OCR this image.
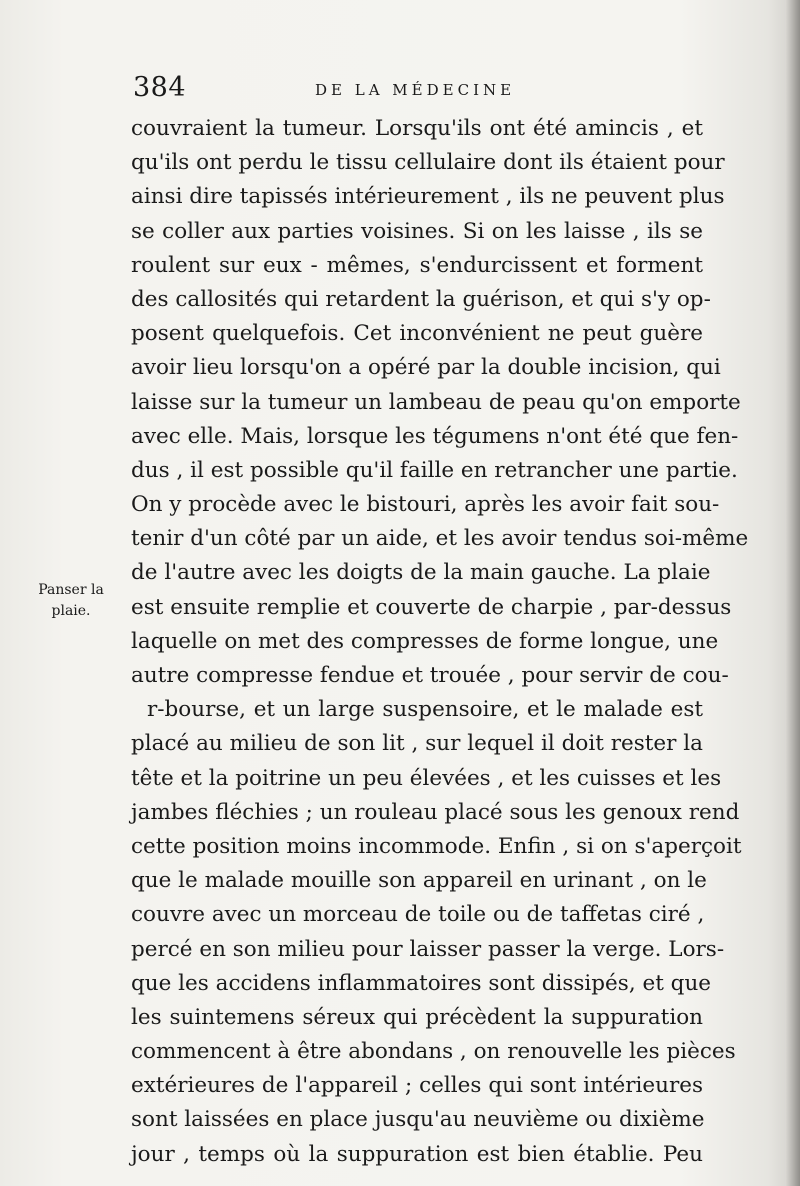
384	DE LA MÉDECINE
Panser la
plaie.
couvraient la tumeur. Lorsqu'ils ont été amincis , et
qu'ils ont perdu le tissu cellulaire dont ils étaient pour
ainsi dire tapissés intérieurement , ils ne peuvent plus
se coller aux parties voisines. Si on les laisse , ils se
roulent sur eux - mêmes, s'endurcissent et forment
des callosités qui retardent la guérison, et qui s'y op-
posent quelquefois. Cet inconvénient ne peut guère
avoir lieu lorsqu'on a opéré par la double incision, qui
laisse sur la tumeur un lambeau de peau qu'on emporte
avec elle. Mais, lorsque les tégumens n'ont été que fen-
dus , il est possible qu'il faille en retrancher une partie.
On y procède avec le bistouri, après les avoir fait sou-
tenir d'un côté par un aide, et les avoir tendus soi-même
de l'autre avec les doigts de la main gauche. La plaie
est ensuite remplie et couverte de charpie , par-dessus
laquelle on met des compresses de forme longue, une
autre compresse fendue et trouée , pour servir de cou-
r-bourse, et un large suspensoire, et le malade est
placé au milieu de son lit , sur lequel il doit rester la
tête et la poitrine un peu élevées , et les cuisses et les
jambes fléchies ; un rouleau placé sous les genoux rend
cette position moins incommode. Enfin , si on s'aperçoit
que le malade mouille son appareil en urinant , on le
couvre avec un morceau de toile ou de taffetas ciré ,
percé en son milieu pour laisser passer la verge. Lors-
que les accidens inflammatoires sont dissipés, et que
les suintemens séreux qui précèdent la suppuration
commencent à être abondans , on renouvelle les pièces
extérieures de l'appareil ; celles qui sont intérieures
sont laissées en place jusqu'au neuvième ou dixième
jour , temps où la suppuration est bien établie. Peu
